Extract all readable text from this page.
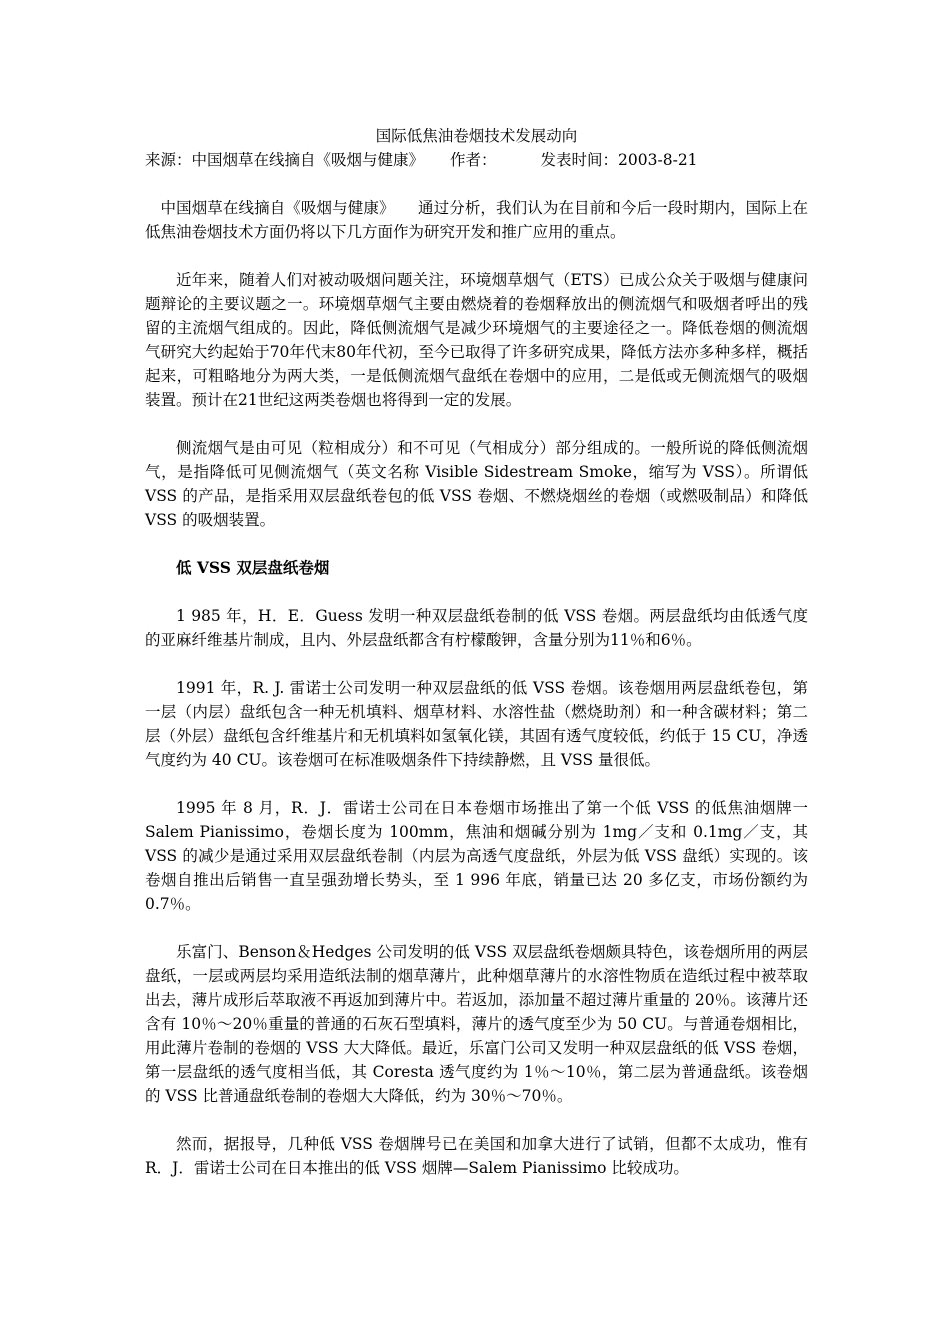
国际低焦油卷烟技术发展动向

来源：中国烟草在线摘自《吸烟与健康》 作者：	发表时间：2003-8-21

中国烟草在线摘自《吸烟与健康》　　通过分析，我们认为在目前和今后一段时期内，国际上在低焦油卷烟技术方面仍将以下几方面作为研究开发和推广应用的重点。

近年来，随着人们对被动吸烟问题关注，环境烟草烟气（ETS）已成公众关于吸烟与健康问题辩论的主要议题之一。环境烟草烟气主要由燃烧着的卷烟释放出的侧流烟气和吸烟者呼出的残留的主流烟气组成的。因此，降低侧流烟气是减少环境烟气的主要途径之一。降低卷烟的侧流烟气研究大约起始于70年代末80年代初，至今已取得了许多研究成果，降低方法亦多种多样，概括起来，可粗略地分为两大类，一是低侧流烟气盘纸在卷烟中的应用，二是低或无侧流烟气的吸烟装置。预计在21世纪这两类卷烟也将得到一定的发展。

侧流烟气是由可见（粒相成分）和不可见（气相成分）部分组成的。一般所说的降低侧流烟气，是指降低可见侧流烟气（英文名称 Visible Sidestream Smoke，缩写为 VSS）。所谓低 VSS 的产品，是指采用双层盘纸卷包的低 VSS 卷烟、不燃烧烟丝的卷烟（或燃吸制品）和降低 VSS 的吸烟装置。

低 VSS 双层盘纸卷烟

1 985 年，H．E．Guess 发明一种双层盘纸卷制的低 VSS 卷烟。两层盘纸均由低透气度的亚麻纤维基片制成，且内、外层盘纸都含有柠檬酸钾，含量分别为11％和6％。

1991 年，R. J. 雷诺士公司发明一种双层盘纸的低 VSS 卷烟。该卷烟用两层盘纸卷包，第一层（内层）盘纸包含一种无机填料、烟草材料、水溶性盐（燃烧助剂）和一种含碳材料；第二层（外层）盘纸包含纤维基片和无机填料如氢氧化镁，其固有透气度较低，约低于 15 CU，净透气度约为 40 CU。该卷烟可在标准吸烟条件下持续静燃，且 VSS 量很低。

1995 年 8 月，R．J．雷诺士公司在日本卷烟市场推出了第一个低 VSS 的低焦油烟牌一 Salem Pianissimo，卷烟长度为 100mm，焦油和烟碱分别为 1mg／支和 0.1mg／支，其 VSS 的减少是通过采用双层盘纸卷制（内层为高透气度盘纸，外层为低 VSS 盘纸）实现的。该卷烟自推出后销售一直呈强劲增长势头，至 1 996 年底，销量已达 20 多亿支，市场份额约为 0.7％。

乐富门、Benson＆Hedges 公司发明的低 VSS 双层盘纸卷烟颇具特色，该卷烟所用的两层盘纸，一层或两层均采用造纸法制的烟草薄片，此种烟草薄片的水溶性物质在造纸过程中被萃取出去，薄片成形后萃取液不再返加到薄片中。若返加，添加量不超过薄片重量的 20％。该薄片还含有 10％～20％重量的普通的石灰石型填料，薄片的透气度至少为 50 CU。与普通卷烟相比，用此薄片卷制的卷烟的 VSS 大大降低。最近，乐富门公司又发明一种双层盘纸的低 VSS 卷烟，第一层盘纸的透气度相当低，其 Coresta 透气度约为 1％～10％，第二层为普通盘纸。该卷烟的 VSS 比普通盘纸卷制的卷烟大大降低，约为 30％～70％。

然而，据报导，几种低 VSS 卷烟牌号已在美国和加拿大进行了试销，但都不太成功，惟有 R．J．雷诺士公司在日本推出的低 VSS 烟牌—Salem Pianissimo 比较成功。
